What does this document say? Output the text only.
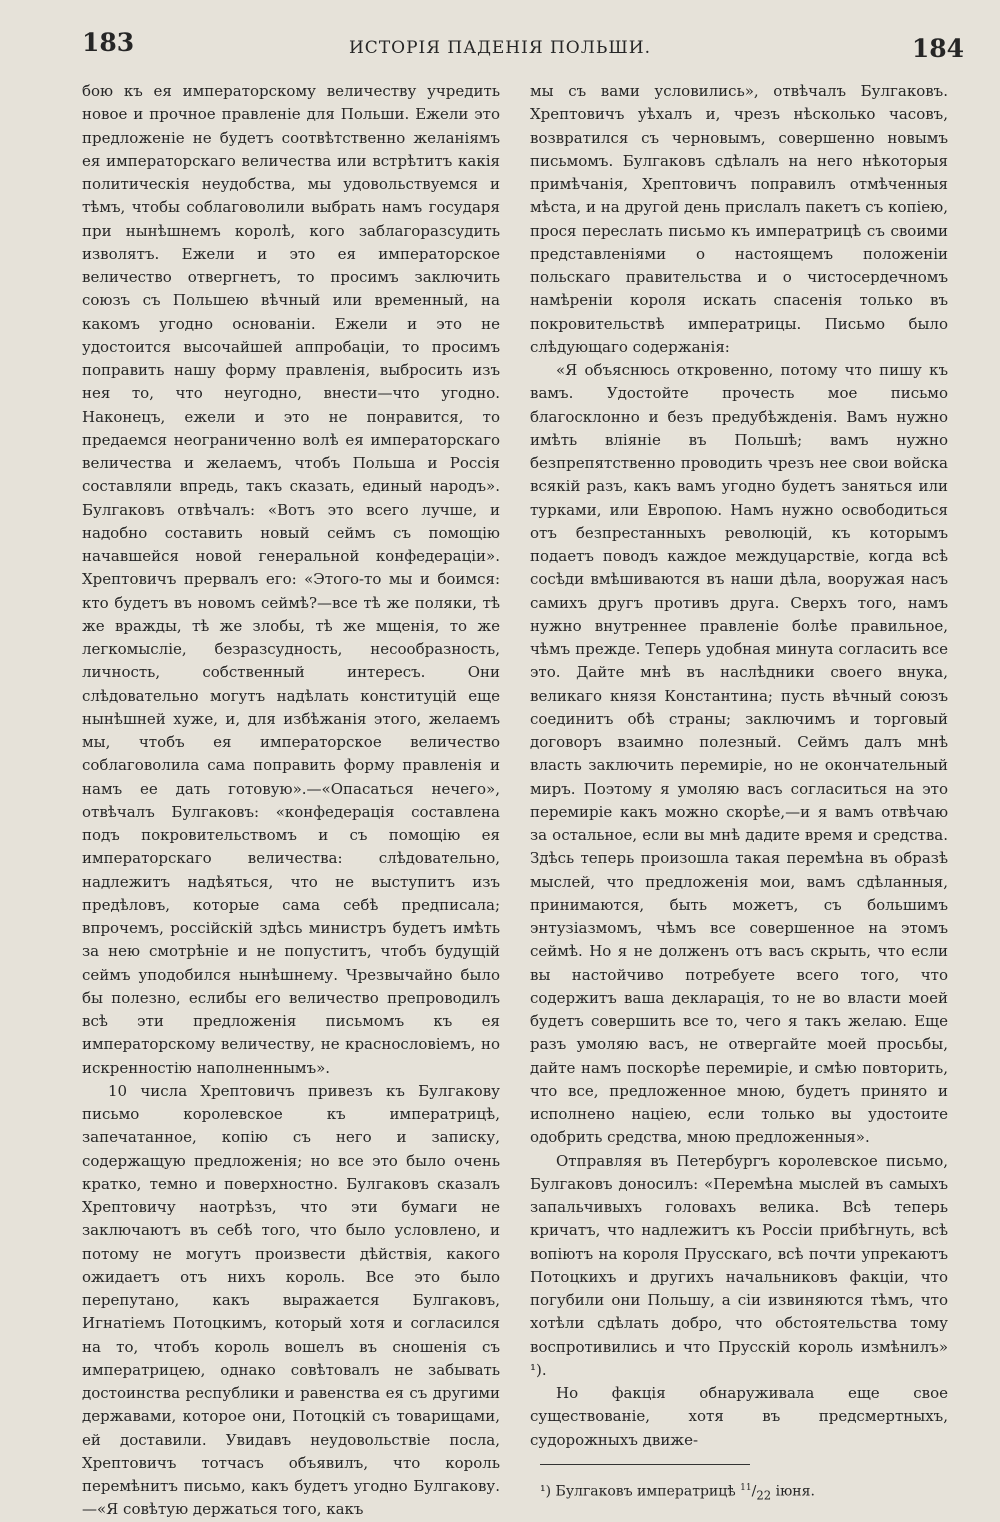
183	ИСТОРІЯ ПАДЕНІЯ ПОЛЬШИ.	184

бою къ ея императорскому величеству учредить новое и прочное правленіе для Польши. Ежели это предложеніе не будетъ соотвѣтственно желаніямъ ея императорскаго величества или встрѣтитъ какія политическія неудобства, мы удовольствуемся и тѣмъ, чтобы соблаговолили выбрать намъ государя при нынѣшнемъ королѣ, кого заблагоразсудить изволятъ. Ежели и это ея императорское величество отвергнетъ, то просимъ заключить союзъ съ Польшею вѣчный или временный, на какомъ угодно основаніи. Ежели и это не удостоится высочайшей аппробаціи, то просимъ поправить нашу форму правленія, выбросить изъ нея то, что неугодно, внести—что угодно. Наконецъ, ежели и это не понравится, то предаемся неограниченно волѣ ея императорскаго величества и желаемъ, чтобъ Польша и Россія составляли впредь, такъ сказать, единый народъ». Булгаковъ отвѣчалъ: «Вотъ это всего лучше, и надобно составить новый сеймъ съ помощію начавшейся новой генеральной конфедераціи». Хрептовичъ прервалъ его: «Этого-то мы и боимся: кто будетъ въ новомъ сеймѣ?—все тѣ же поляки, тѣ же вражды, тѣ же злобы, тѣ же мщенія, то же легкомысліе, безразсудность, несообразность, личность, собственный интересъ. Они слѣдовательно могутъ надѣлать конституцій еще нынѣшней хуже, и, для избѣжанія этого, желаемъ мы, чтобъ ея императорское величество соблаговолила сама поправить форму правленія и намъ ее дать готовую».—«Опасаться нечего», отвѣчалъ Булгаковъ: «конфедерація составлена подъ покровительствомъ и съ помощію ея императорскаго величества: слѣдовательно, надлежитъ надѣяться, что не выступитъ изъ предѣловъ, которые сама себѣ предписала; впрочемъ, россійскій здѣсь министръ будетъ имѣть за нею смотрѣніе и не попуститъ, чтобъ будущій сеймъ уподобился нынѣшнему. Чрезвычайно было бы полезно, еслибы его величество препроводилъ всѣ эти предложенія письмомъ къ ея императорскому величеству, не краснословіемъ, но искренностію наполненнымъ».

10 числа Хрептовичъ привезъ къ Булгакову письмо королевское къ императрицѣ, запечатанное, копію съ него и записку, содержащую предложенія; но все это было очень кратко, темно и поверхностно. Булгаковъ сказалъ Хрептовичу наотрѣзъ, что эти бумаги не заключаютъ въ себѣ того, что было условлено, и потому не могутъ произвести дѣйствія, какого ожидаетъ отъ нихъ король. Все это было перепутано, какъ выражается Булгаковъ, Игнатіемъ Потоцкимъ, который хотя и согласился на то, чтобъ король вошелъ въ сношенія съ императрицею, однако совѣтовалъ не забывать достоинства республики и равенства ея съ другими державами, которое они, Потоцкій съ товарищами, ей доставили. Увидавъ неудовольствіе посла, Хрептовичъ тотчасъ объявилъ, что король перемѣнитъ письмо, какъ будетъ угодно Булгакову.—«Я совѣтую держаться того, какъ

мы съ вами условились», отвѣчалъ Булгаковъ. Хрептовичъ уѣхалъ и, чрезъ нѣсколько часовъ, возвратился съ черновымъ, совершенно новымъ письмомъ. Булгаковъ сдѣлалъ на него нѣкоторыя примѣчанія, Хрептовичъ поправилъ отмѣченныя мѣста, и на другой день прислалъ пакетъ съ копіею, прося переслать письмо къ императрицѣ съ своими представленіями о настоящемъ положеніи польскаго правительства и о чистосердечномъ намѣреніи короля искать спасенія только въ покровительствѣ императрицы. Письмо было слѣдующаго содержанія:

«Я объяснюсь откровенно, потому что пишу къ вамъ. Удостойте прочесть мое письмо благосклонно и безъ предубѣжденія. Вамъ нужно имѣть вліяніе въ Польшѣ; вамъ нужно безпрепятственно проводить чрезъ нее свои войска всякій разъ, какъ вамъ угодно будетъ заняться или турками, или Европою. Намъ нужно освободиться отъ безпрестанныхъ революцій, къ которымъ подаетъ поводъ каждое междуцарствіе, когда всѣ сосѣди вмѣшиваются въ наши дѣла, вооружая насъ самихъ другъ противъ друга. Сверхъ того, намъ нужно внутреннее правленіе болѣе правильное, чѣмъ прежде. Теперь удобная минута согласить все это. Дайте мнѣ въ наслѣдники своего внука, великаго князя Константина; пусть вѣчный союзъ соединитъ обѣ страны; заключимъ и торговый договоръ взаимно полезный. Сеймъ далъ мнѣ власть заключить перемиріе, но не окончательный миръ. Поэтому я умоляю васъ согласиться на это перемиріе какъ можно скорѣе,—и я вамъ отвѣчаю за остальное, если вы мнѣ дадите время и средства. Здѣсь теперь произошла такая перемѣна въ образѣ мыслей, что предложенія мои, вамъ сдѣланныя, принимаются, быть можетъ, съ большимъ энтузіазмомъ, чѣмъ все совершенное на этомъ сеймѣ. Но я не долженъ отъ васъ скрыть, что если вы настойчиво потребуете всего того, что содержитъ ваша декларація, то не во власти моей будетъ совершить все то, чего я такъ желаю. Еще разъ умоляю васъ, не отвергайте моей просьбы, дайте намъ поскорѣе перемиріе, и смѣю повторить, что все, предложенное мною, будетъ принято и исполнено націею, если только вы удостоите одобрить средства, мною предложенныя».

Отправляя въ Петербургъ королевское письмо, Булгаковъ доносилъ: «Перемѣна мыслей въ самыхъ запальчивыхъ головахъ велика. Всѣ теперь кричатъ, что надлежитъ къ Россіи прибѣгнуть, всѣ вопіютъ на короля Прусскаго, всѣ почти упрекаютъ Потоцкихъ и другихъ начальниковъ факціи, что погубили они Польшу, а сіи извиняются тѣмъ, что хотѣли сдѣлать добро, что обстоятельства тому воспротивились и что Прусскій король измѣнилъ» ¹).

Но факція обнаруживала еще свое существованіе, хотя въ предсмертныхъ, судорожныхъ движе-

¹) Булгаковъ императрицѣ $^{11}/_{22}$ іюня.
